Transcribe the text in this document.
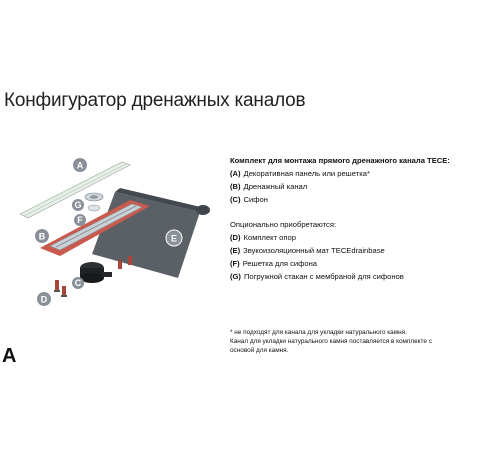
Конфигуратор дренажных каналов
A
G
F
B	E
C
D
Комплект для монтажа прямого дренажного канала TECE:
(A) Декоративная панель или решетка*
(B) Дренажный канал
(C) Сифон
Опционально приобретаются:
(D) Комплект опор
(E) Звукоизоляционный мат TECEdrainbase
(F) Решетка для сифона
(G) Погружной стакан с мембраной для сифонов
* не подходят для канала для укладки натурального камня.
Канал для укладки натурального камня поставляется в комплекте с
основой для камня.
A
